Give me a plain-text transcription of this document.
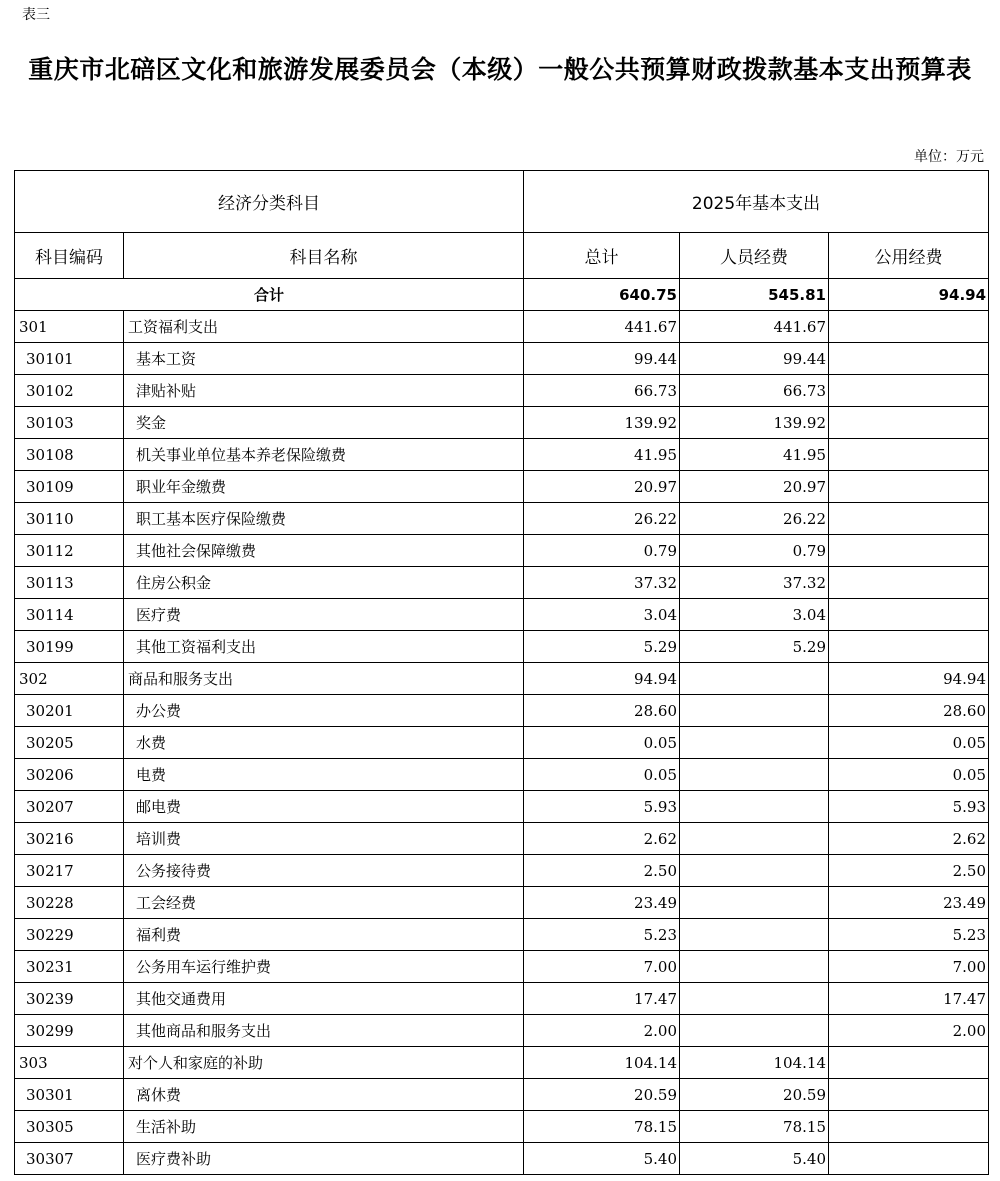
表三
重庆市北碚区文化和旅游发展委员会（本级）一般公共预算财政拨款基本支出预算表
单位：万元
经济分类科目		2025年基本支出		
科目编码	科目名称	总计	人员经费	公用经费
合计		640.75	545.81	94.94
301	工资福利支出	441.67	441.67	
30101	基本工资	99.44	99.44	
30102	津贴补贴	66.73	66.73	
30103	奖金	139.92	139.92	
30108	机关事业单位基本养老保险缴费	41.95	41.95	
30109	职业年金缴费	20.97	20.97	
30110	职工基本医疗保险缴费	26.22	26.22	
30112	其他社会保障缴费	0.79	0.79	
30113	住房公积金	37.32	37.32	
30114	医疗费	3.04	3.04	
30199	其他工资福利支出	5.29	5.29	
302	商品和服务支出	94.94		94.94
30201	办公费	28.60		28.60
30205	水费	0.05		0.05
30206	电费	0.05		0.05
30207	邮电费	5.93		5.93
30216	培训费	2.62		2.62
30217	公务接待费	2.50		2.50
30228	工会经费	23.49		23.49
30229	福利费	5.23		5.23
30231	公务用车运行维护费	7.00		7.00
30239	其他交通费用	17.47		17.47
30299	其他商品和服务支出	2.00		2.00
303	对个人和家庭的补助	104.14	104.14	
30301	离休费	20.59	20.59	
30305	生活补助	78.15	78.15	
30307	医疗费补助	5.40	5.40	
